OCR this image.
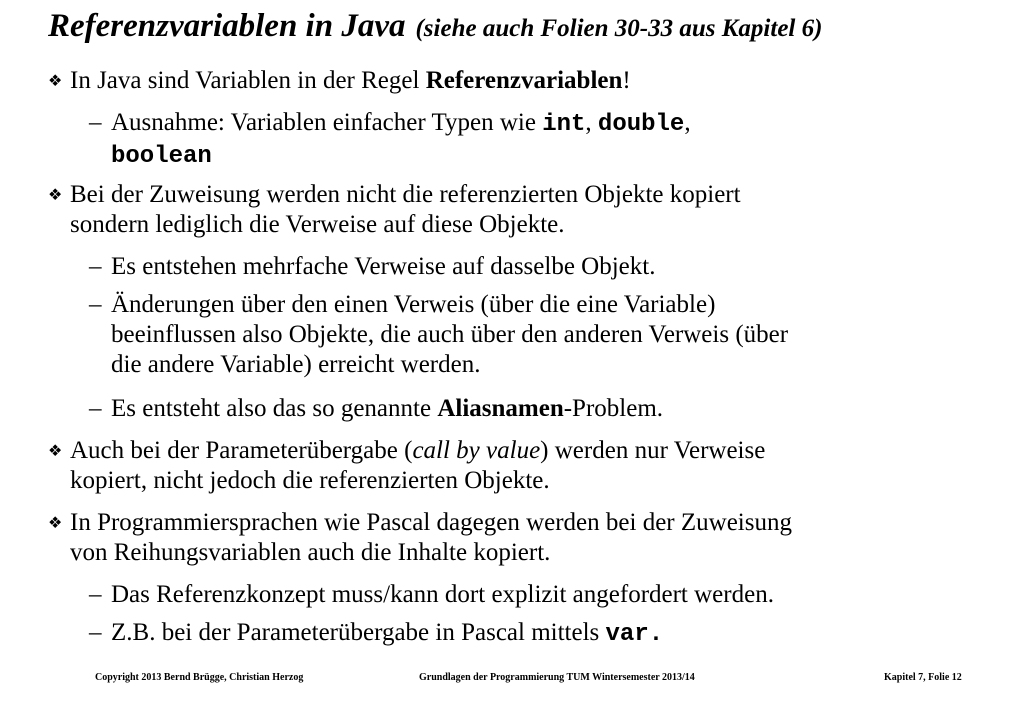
Referenzvariablen in Java (siehe auch Folien 30-33 aus Kapitel 6)
❖ In Java sind Variablen in der Regel Referenzvariablen!
– Ausnahme: Variablen einfacher Typen wie int, double,
boolean
❖ Bei der Zuweisung werden nicht die referenzierten Objekte kopiert
sondern lediglich die Verweise auf diese Objekte.
– Es entstehen mehrfache Verweise auf dasselbe Objekt.
– Änderungen über den einen Verweis (über die eine Variable)
beeinflussen also Objekte, die auch über den anderen Verweis (über
die andere Variable) erreicht werden.
– Es entsteht also das so genannte Aliasnamen-Problem.
❖ Auch bei der Parameterübergabe (call by value) werden nur Verweise
kopiert, nicht jedoch die referenzierten Objekte.
❖ In Programmiersprachen wie Pascal dagegen werden bei der Zuweisung
von Reihungsvariablen auch die Inhalte kopiert.
– Das Referenzkonzept muss/kann dort explizit angefordert werden.
– Z.B. bei der Parameterübergabe in Pascal mittels var.
Copyright 2013 Bernd Brügge, Christian Herzog	Grundlagen der Programmierung TUM Wintersemester 2013/14	Kapitel 7, Folie 12
